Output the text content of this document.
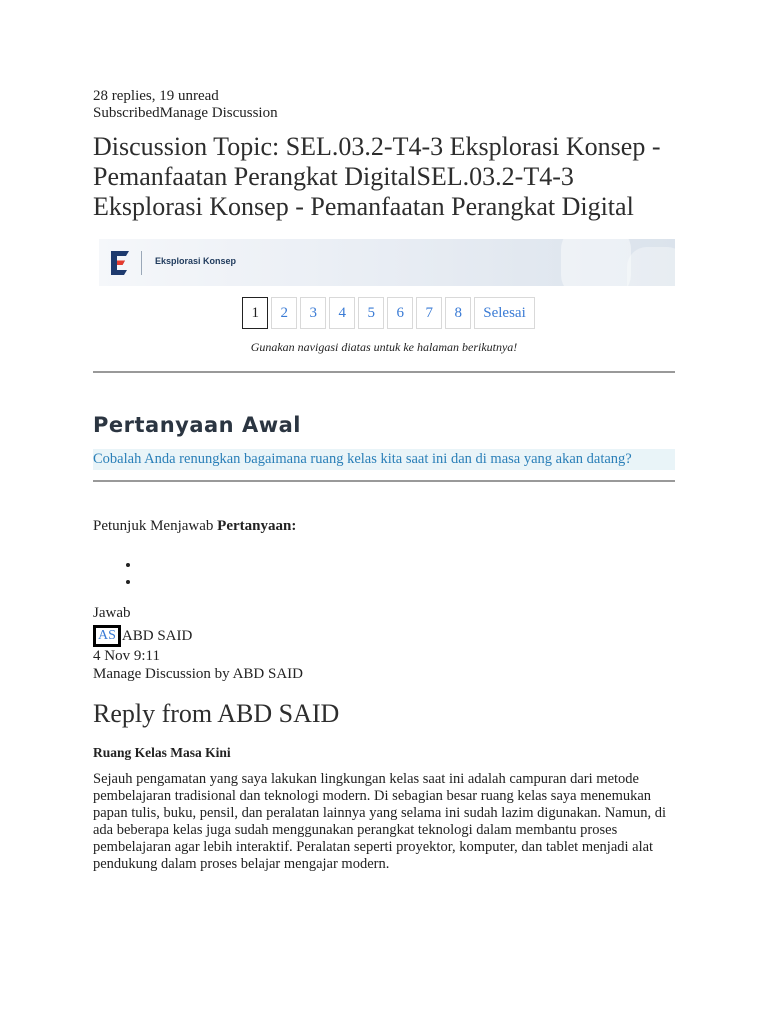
28 replies, 19 unread
SubscribedManage Discussion
Discussion Topic: SEL.03.2-T4-3 Eksplorasi Konsep - Pemanfaatan Perangkat DigitalSEL.03.2-T4-3 Eksplorasi Konsep - Pemanfaatan Perangkat Digital
Eksplorasi Konsep
1	2	3	4	5	6	7	8	Selesai
Gunakan navigasi diatas untuk ke halaman berikutnya!
Pertanyaan Awal
Cobalah Anda renungkan bagaimana ruang kelas kita saat ini dan di masa yang akan datang?
Petunjuk Menjawab Pertanyaan:
•
•
Jawab
AS ABD SAID
4 Nov 9:11
Manage Discussion by ABD SAID
Reply from ABD SAID
Ruang Kelas Masa Kini
Sejauh pengamatan yang saya lakukan lingkungan kelas saat ini adalah campuran dari metode pembelajaran tradisional dan teknologi modern. Di sebagian besar ruang kelas saya menemukan papan tulis, buku, pensil, dan peralatan lainnya yang selama ini sudah lazim digunakan. Namun, di ada beberapa kelas juga sudah menggunakan perangkat teknologi dalam membantu proses pembelajaran agar lebih interaktif. Peralatan seperti proyektor, komputer, dan tablet menjadi alat pendukung dalam proses belajar mengajar modern.
